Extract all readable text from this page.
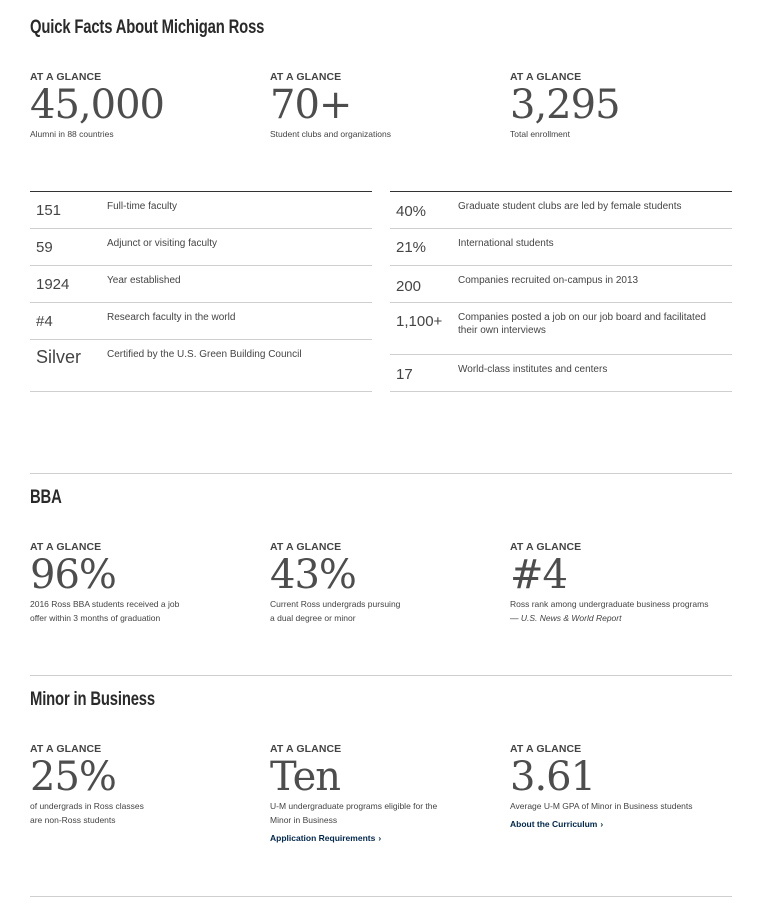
Quick Facts About Michigan Ross
AT A GLANCE
45,000
Alumni in 88 countries
AT A GLANCE
70+
Student clubs and organizations
AT A GLANCE
3,295
Total enrollment
151	Full-time faculty
59	Adjunct or visiting faculty
1924	Year established
#4	Research faculty in the world
Silver	Certified by the U.S. Green Building Council
40%	Graduate student clubs are led by female students
21%	International students
200	Companies recruited on-campus in 2013
1,100+ Companies posted a job on our job board and facilitated their own interviews
17	World-class institutes and centers
BBA
AT A GLANCE
96%
2016 Ross BBA students received a job
offer within 3 months of graduation
AT A GLANCE
43%
Current Ross undergrads pursuing
a dual degree or minor
AT A GLANCE
#4
Ross rank among undergraduate business programs
— U.S. News & World Report
Minor in Business
AT A GLANCE
25%
of undergrads in Ross classes
are non-Ross students
AT A GLANCE
Ten
U-M undergraduate programs eligible for the
Minor in Business
Application Requirements ›
AT A GLANCE
3.61
Average U-M GPA of Minor in Business students
About the Curriculum ›
